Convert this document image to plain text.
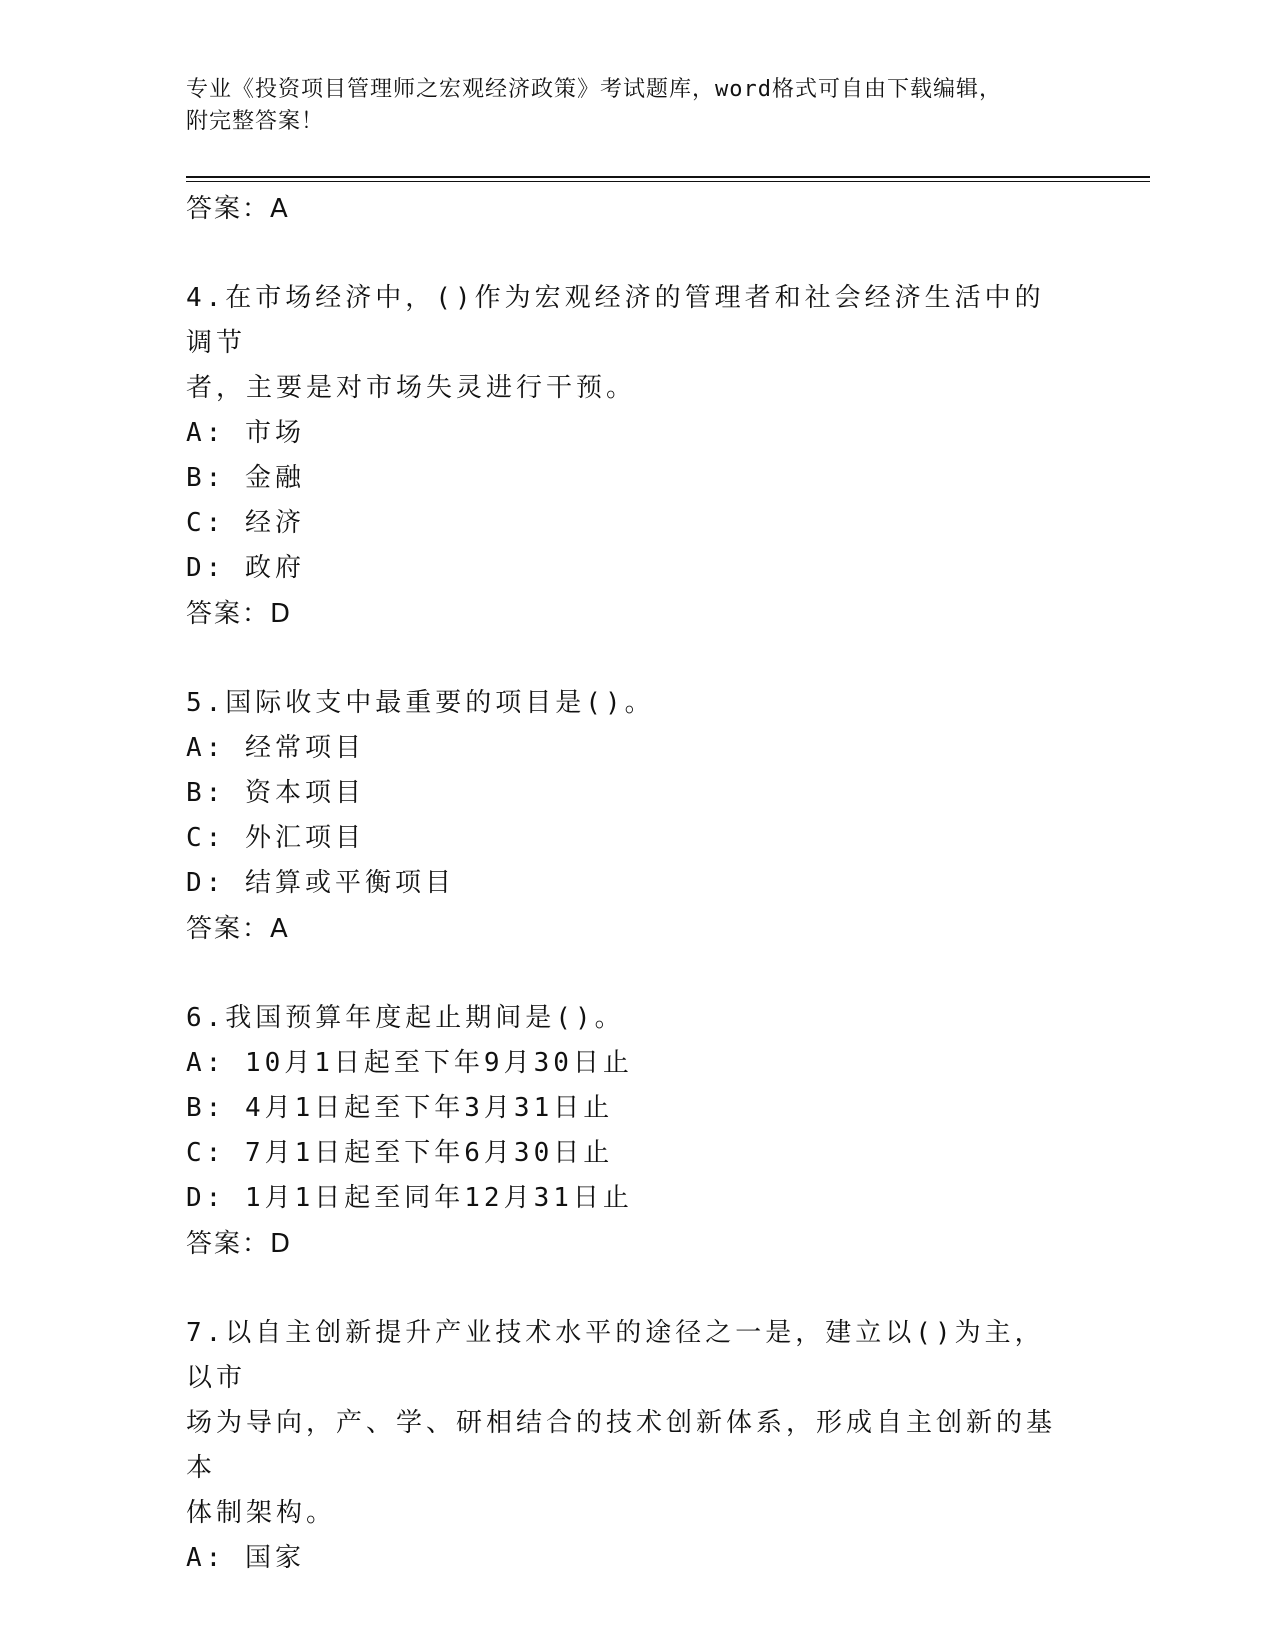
专业《投资项目管理师之宏观经济政策》考试题库，word格式可自由下载编辑，
附完整答案！
答案：A
4.在市场经济中，()作为宏观经济的管理者和社会经济生活中的调节
者，主要是对市场失灵进行干预。
A: 市场
B: 金融
C: 经济
D: 政府
答案：D
5.国际收支中最重要的项目是()。
A: 经常项目
B: 资本项目
C: 外汇项目
D: 结算或平衡项目
答案：A
6.我国预算年度起止期间是()。
A: 10月1日起至下年9月30日止
B: 4月1日起至下年3月31日止
C: 7月1日起至下年6月30日止
D: 1月1日起至同年12月31日止
答案：D
7.以自主创新提升产业技术水平的途径之一是，建立以()为主，以市
场为导向，产、学、研相结合的技术创新体系，形成自主创新的基本
体制架构。
A: 国家
